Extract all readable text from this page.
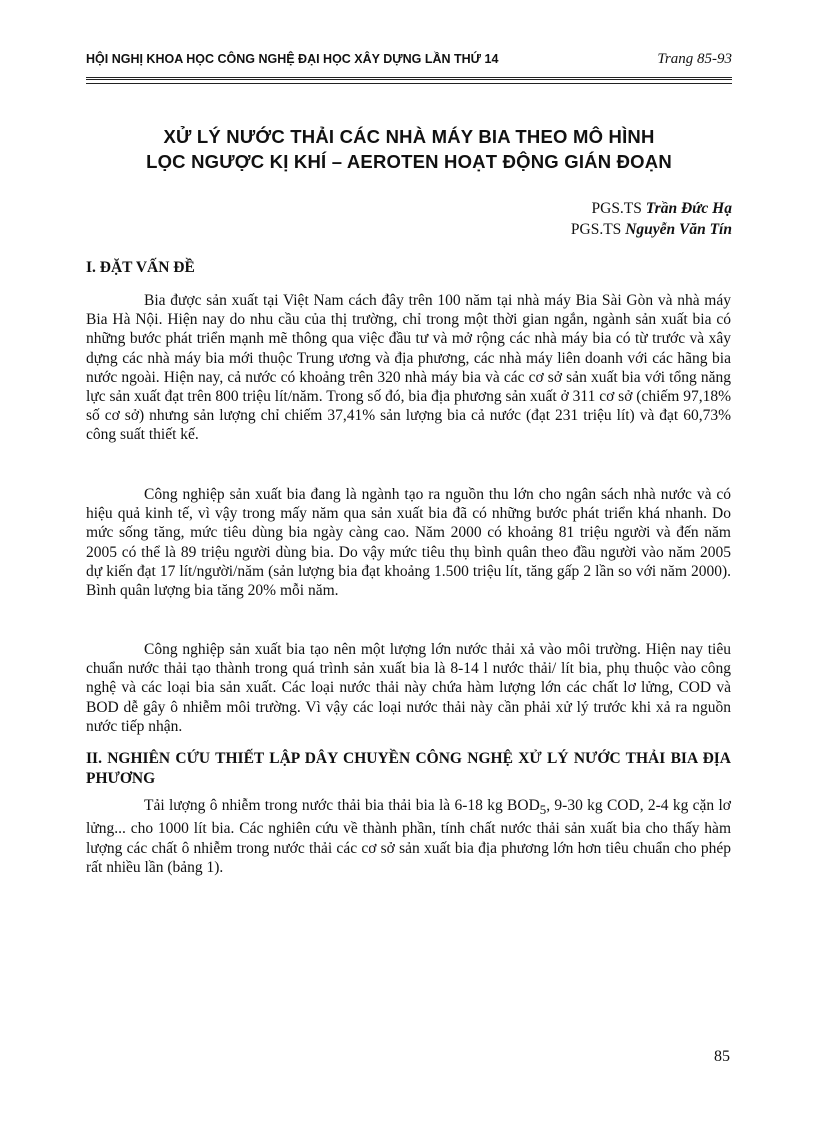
HỘI NGHỊ KHOA HỌC CÔNG NGHỆ ĐẠI HỌC XÂY DỰNG LẦN THỨ 14	Trang 85-93
XỬ LÝ NƯỚC THẢI CÁC NHÀ MÁY BIA THEO MÔ HÌNH
LỌC NGƯỢC KỊ KHÍ – AEROTEN HOẠT ĐỘNG GIÁN ĐOẠN
PGS.TS Trần Đức Hạ
PGS.TS Nguyễn Văn Tín
I. ĐẶT VẤN ĐỀ
Bia được sản xuất tại Việt Nam cách đây trên 100 năm tại nhà máy Bia Sài Gòn và nhà máy Bia Hà Nội. Hiện nay do nhu cầu của thị trường, chỉ trong một thời gian ngắn, ngành sản xuất bia có những bước phát triển mạnh mẽ thông qua việc đầu tư và mở rộng các nhà máy bia có từ trước và xây dựng các nhà máy bia mới thuộc Trung ương và địa phương, các nhà máy liên doanh với các hãng bia nước ngoài. Hiện nay, cả nước có khoảng trên 320 nhà máy bia và các cơ sở sản xuất bia với tổng năng lực sản xuất đạt trên 800 triệu lít/năm. Trong số đó, bia địa phương sản xuất ở 311 cơ sở (chiếm 97,18% số cơ sở) nhưng sản lượng chỉ chiếm 37,41% sản lượng bia cả nước (đạt 231 triệu lít) và đạt 60,73% công suất thiết kế.
Công nghiệp sản xuất bia đang là ngành tạo ra nguồn thu lớn cho ngân sách nhà nước và có hiệu quả kinh tế, vì vậy trong mấy năm qua sản xuất bia đã có những bước phát triển khá nhanh. Do mức sống tăng, mức tiêu dùng bia ngày càng cao. Năm 2000 có khoảng 81 triệu người và đến năm 2005 có thể là 89 triệu người dùng bia. Do vậy mức tiêu thụ bình quân theo đầu người vào năm 2005 dự kiến đạt 17 lít/người/năm (sản lượng bia đạt khoảng 1.500 triệu lít, tăng gấp 2 lần so với năm 2000). Bình quân lượng bia tăng 20% mỗi năm.
Công nghiệp sản xuất bia tạo nên một lượng lớn nước thải xả vào môi trường. Hiện nay tiêu chuẩn nước thải tạo thành trong quá trình sản xuất bia là 8-14 l nước thải/ lít bia, phụ thuộc vào công nghệ và các loại bia sản xuất. Các loại nước thải này chứa hàm lượng lớn các chất lơ lửng, COD và BOD dễ gây ô nhiễm môi trường. Vì vậy các loại nước thải này cần phải xử lý trước khi xả ra nguồn nước tiếp nhận.
II. NGHIÊN CỨU THIẾT LẬP DÂY CHUYỀN CÔNG NGHỆ XỬ LÝ NƯỚC THẢI BIA ĐỊA PHƯƠNG
Tải lượng ô nhiễm trong nước thải bia thải bia là 6-18 kg $BOD_5$, 9-30 kg COD, 2-4 kg cặn lơ lửng... cho 1000 lít bia. Các nghiên cứu về thành phần, tính chất nước thải sản xuất bia cho thấy hàm lượng các chất ô nhiễm trong nước thải các cơ sở sản xuất bia địa phương lớn hơn tiêu chuẩn cho phép rất nhiều lần (bảng 1).
85
